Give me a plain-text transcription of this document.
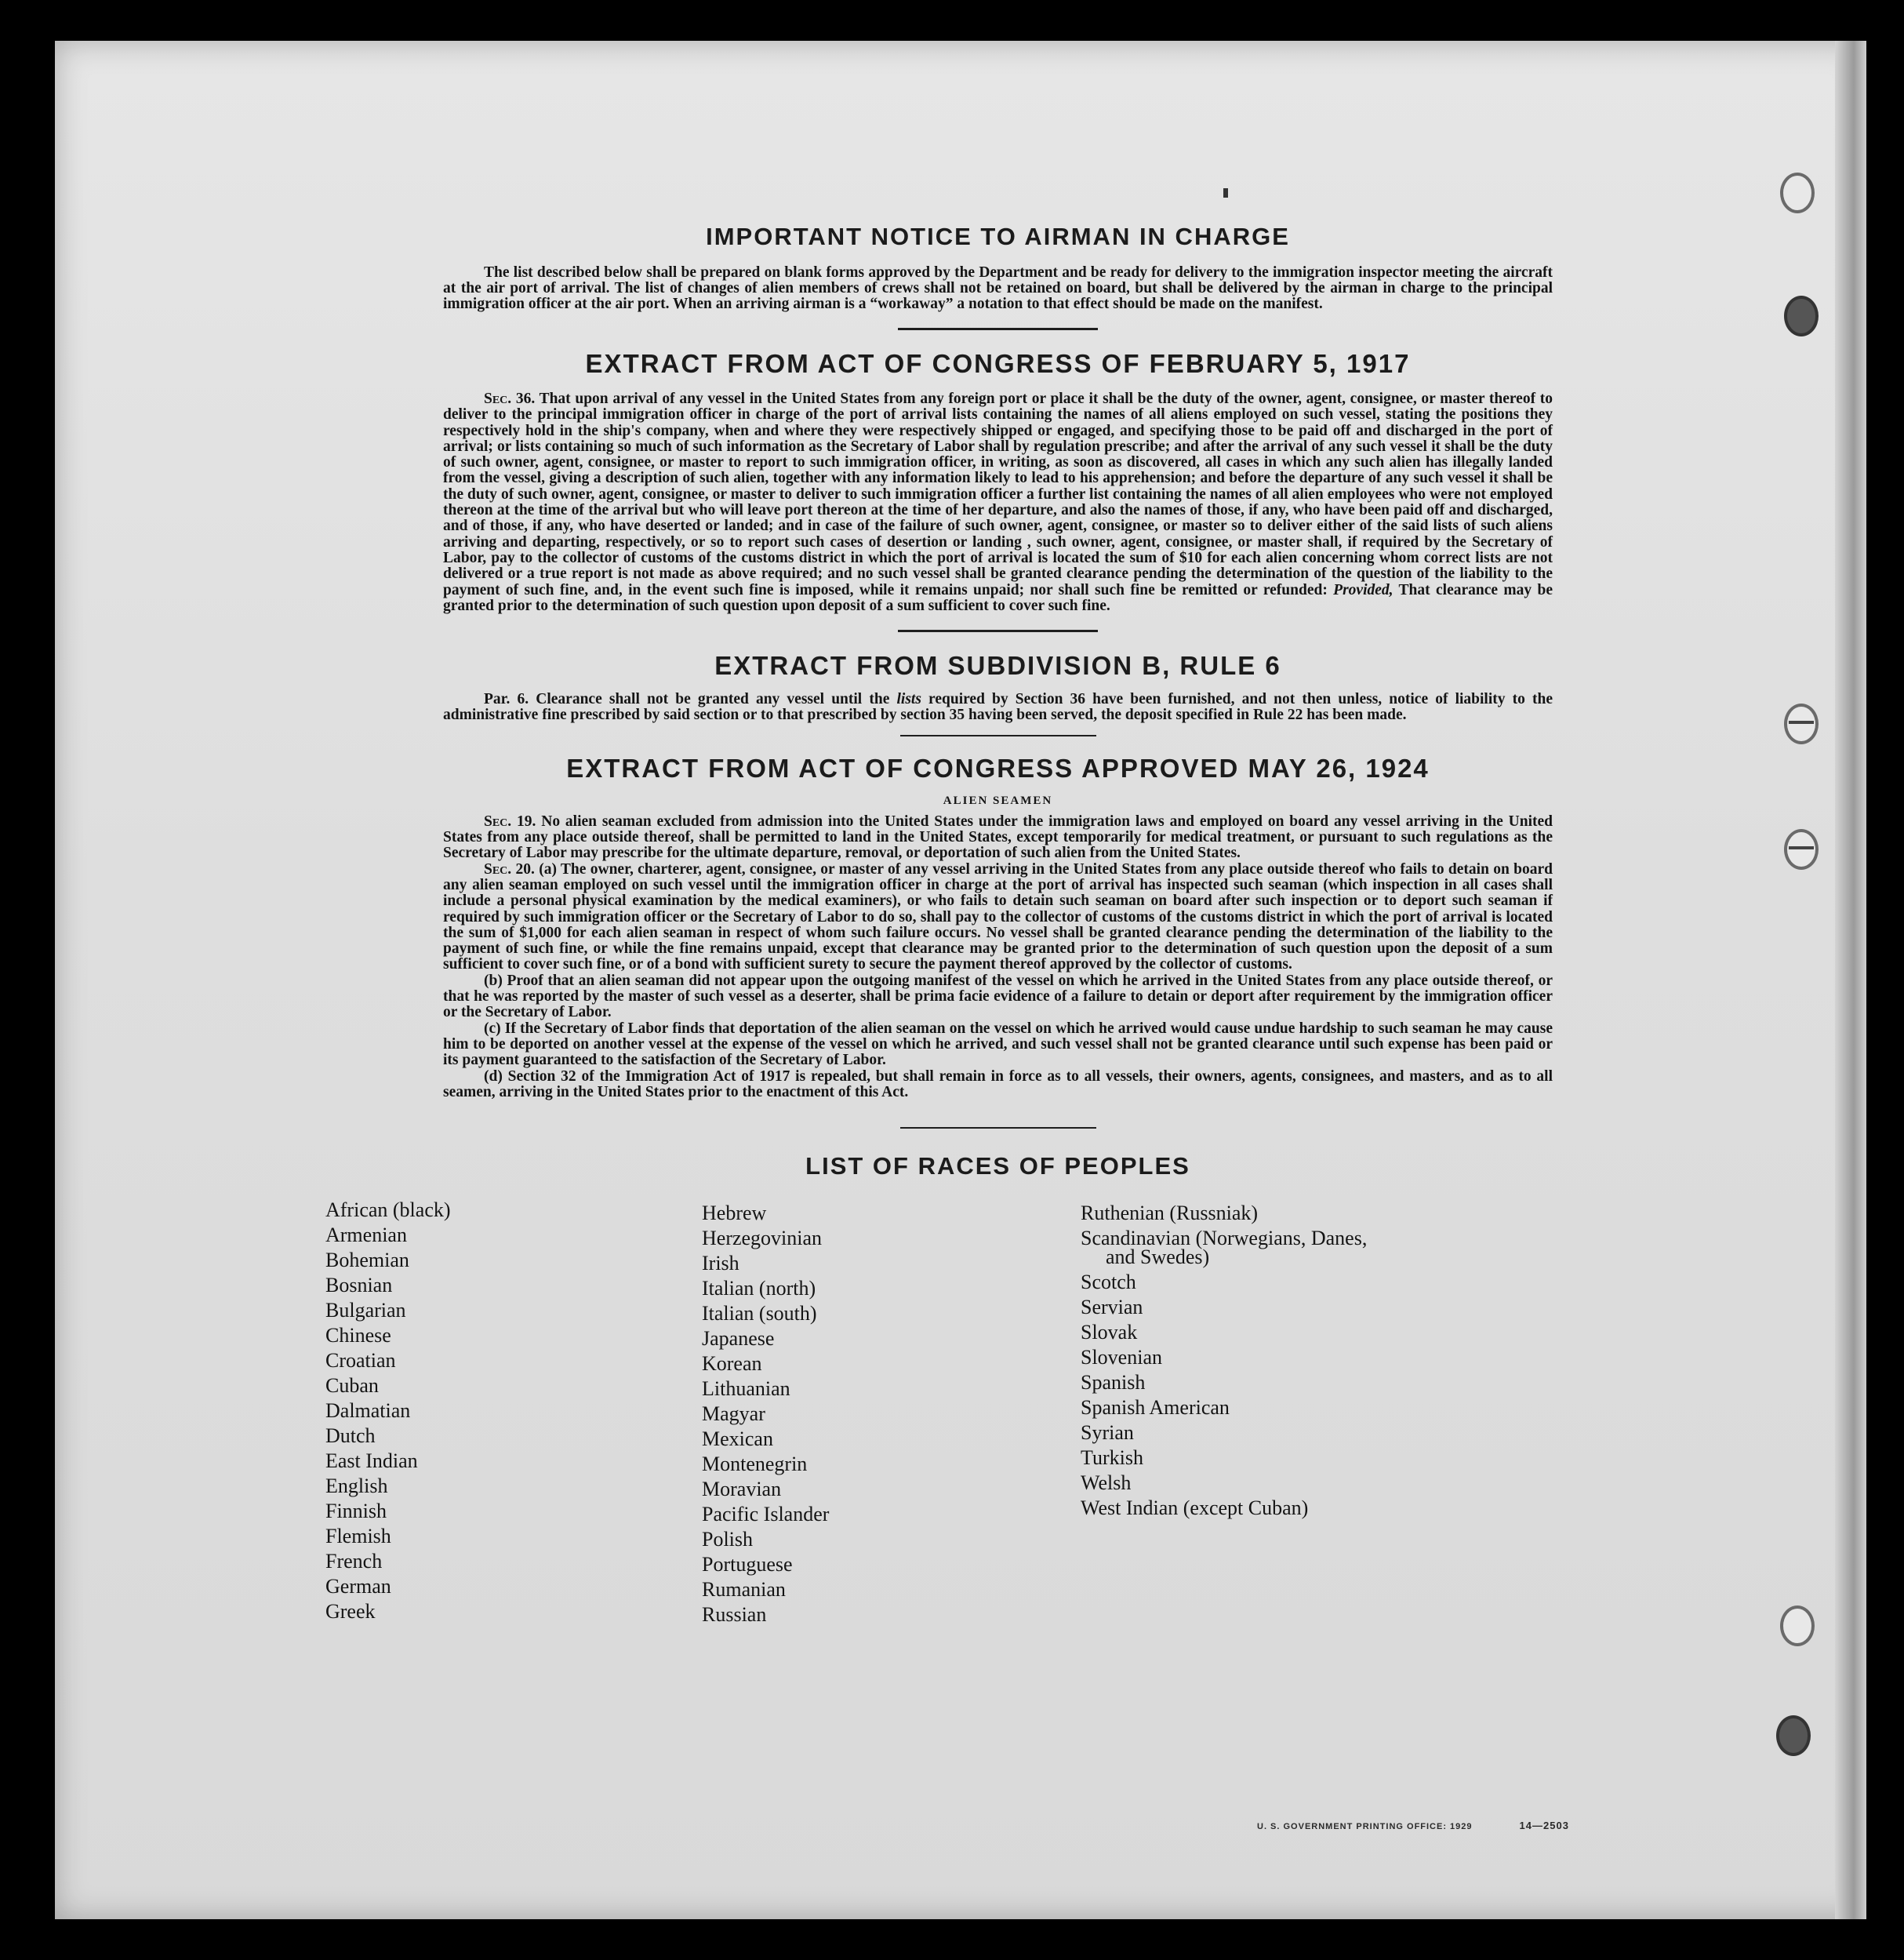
IMPORTANT NOTICE TO AIRMAN IN CHARGE

The list described below shall be prepared on blank forms approved by the Department and be ready for delivery to the immigration inspector meeting the aircraft at the air port of arrival. The list of changes of alien members of crews shall not be retained on board, but shall be delivered by the airman in charge to the principal immigration officer at the air port. When an arriving airman is a “workaway” a notation to that effect should be made on the manifest.

EXTRACT FROM ACT OF CONGRESS OF FEBRUARY 5, 1917

Sec. 36. That upon arrival of any vessel in the United States from any foreign port or place it shall be the duty of the owner, agent, consignee, or master thereof to deliver to the principal immigration officer in charge of the port of arrival lists containing the names of all aliens employed on such vessel, stating the positions they respectively hold in the ship's company, when and where they were respectively shipped or engaged, and specifying those to be paid off and discharged in the port of arrival; or lists containing so much of such information as the Secretary of Labor shall by regulation prescribe; and after the arrival of any such vessel it shall be the duty of such owner, agent, consignee, or master to report to such immigration officer, in writing, as soon as discovered, all cases in which any such alien has illegally landed from the vessel, giving a description of such alien, together with any information likely to lead to his apprehension; and before the departure of any such vessel it shall be the duty of such owner, agent, consignee, or master to deliver to such immigration officer a further list containing the names of all alien employees who were not employed thereon at the time of the arrival but who will leave port thereon at the time of her departure, and also the names of those, if any, who have been paid off and discharged, and of those, if any, who have deserted or landed; and in case of the failure of such owner, agent, consignee, or master so to deliver either of the said lists of such aliens arriving and departing, respectively, or so to report such cases of desertion or landing , such owner, agent, consignee, or master shall, if required by the Secretary of Labor, pay to the collector of customs of the customs district in which the port of arrival is located the sum of $10 for each alien concerning whom correct lists are not delivered or a true report is not made as above required; and no such vessel shall be granted clearance pending the determination of the question of the liability to the payment of such fine, and, in the event such fine is imposed, while it remains unpaid; nor shall such fine be remitted or refunded: Provided, That clearance may be granted prior to the determination of such question upon deposit of a sum sufficient to cover such fine.

EXTRACT FROM SUBDIVISION B, RULE 6

Par. 6. Clearance shall not be granted any vessel until the lists required by Section 36 have been furnished, and not then unless, notice of liability to the administrative fine prescribed by said section or to that prescribed by section 35 having been served, the deposit specified in Rule 22 has been made.

EXTRACT FROM ACT OF CONGRESS APPROVED MAY 26, 1924
ALIEN SEAMEN

Sec. 19. No alien seaman excluded from admission into the United States under the immigration laws and employed on board any vessel arriving in the United States from any place outside thereof, shall be permitted to land in the United States, except temporarily for medical treatment, or pursuant to such regulations as the Secretary of Labor may prescribe for the ultimate departure, removal, or deportation of such alien from the United States.

Sec. 20. (a) The owner, charterer, agent, consignee, or master of any vessel arriving in the United States from any place outside thereof who fails to detain on board any alien seaman employed on such vessel until the immigration officer in charge at the port of arrival has inspected such seaman (which inspection in all cases shall include a personal physical examination by the medical examiners), or who fails to detain such seaman on board after such inspection or to deport such seaman if required by such immigration officer or the Secretary of Labor to do so, shall pay to the collector of customs of the customs district in which the port of arrival is located the sum of $1,000 for each alien seaman in respect of whom such failure occurs. No vessel shall be granted clearance pending the determination of the liability to the payment of such fine, or while the fine remains unpaid, except that clearance may be granted prior to the determination of such question upon the deposit of a sum sufficient to cover such fine, or of a bond with sufficient surety to secure the payment thereof approved by the collector of customs.

(b) Proof that an alien seaman did not appear upon the outgoing manifest of the vessel on which he arrived in the United States from any place outside thereof, or that he was reported by the master of such vessel as a deserter, shall be prima facie evidence of a failure to detain or deport after requirement by the immigration officer or the Secretary of Labor.

(c) If the Secretary of Labor finds that deportation of the alien seaman on the vessel on which he arrived would cause undue hardship to such seaman he may cause him to be deported on another vessel at the expense of the vessel on which he arrived, and such vessel shall not be granted clearance until such expense has been paid or its payment guaranteed to the satisfaction of the Secretary of Labor.

(d) Section 32 of the Immigration Act of 1917 is repealed, but shall remain in force as to all vessels, their owners, agents, consignees, and masters, and as to all seamen, arriving in the United States prior to the enactment of this Act.

LIST OF RACES OF PEOPLES
African (black)
Armenian
Bohemian
Bosnian
Bulgarian
Chinese
Croatian
Cuban
Dalmatian
Dutch
East Indian
English
Finnish
Flemish
French
German
Greek
Hebrew
Herzegovinian
Irish
Italian (north)
Italian (south)
Japanese
Korean
Lithuanian
Magyar
Mexican
Montenegrin
Moravian
Pacific Islander
Polish
Portuguese
Rumanian
Russian
Ruthenian (Russniak)
Scandinavian (Norwegians, Danes,
and Swedes)
Scotch
Servian
Slovak
Slovenian
Spanish
Spanish American
Syrian
Turkish
Welsh
West Indian (except Cuban)
U. S. GOVERNMENT PRINTING OFFICE: 1929	14—2503
